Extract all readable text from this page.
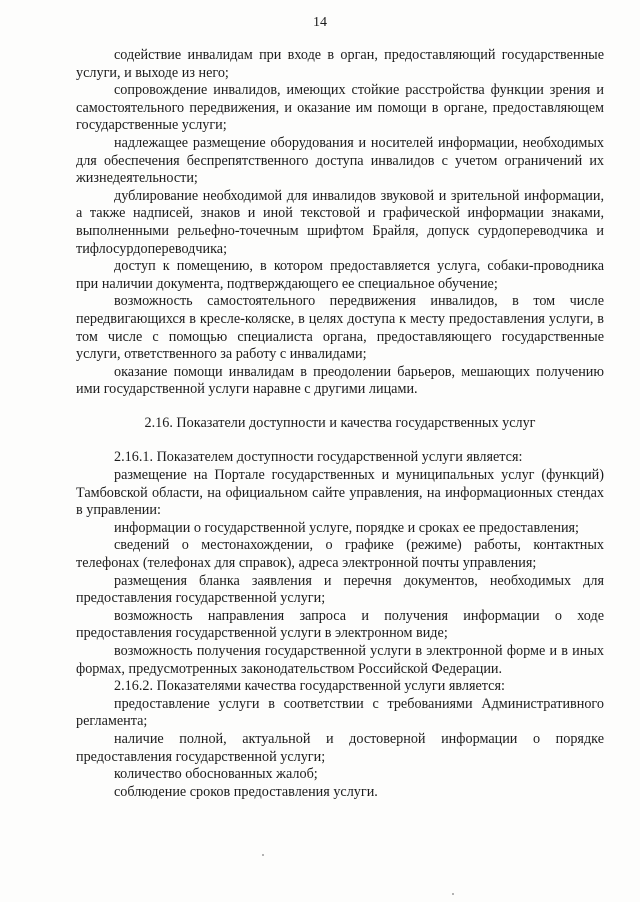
14

содействие инвалидам при входе в орган, предоставляющий государственные услуги, и выходе из него;

сопровождение инвалидов, имеющих стойкие расстройства функции зрения и самостоятельного передвижения, и оказание им помощи в органе, предоставляющем государственные услуги;

надлежащее размещение оборудования и носителей информации, необходимых для обеспечения беспрепятственного доступа инвалидов с учетом ограничений их жизнедеятельности;

дублирование необходимой для инвалидов звуковой и зрительной информации, а также надписей, знаков и иной текстовой и графической информации знаками, выполненными рельефно-точечным шрифтом Брайля, допуск сурдопереводчика и тифлосурдопереводчика;

доступ к помещению, в котором предоставляется услуга, собаки-проводника при наличии документа, подтверждающего ее специальное обучение;

возможность самостоятельного передвижения инвалидов, в том числе передвигающихся в кресле-коляске, в целях доступа к месту предоставления услуги, в том числе с помощью специалиста органа, предоставляющего государственные услуги, ответственного за работу с инвалидами;

оказание помощи инвалидам в преодолении барьеров, мешающих получению ими государственной услуги наравне с другими лицами.

2.16. Показатели доступности и качества государственных услуг

2.16.1. Показателем доступности государственной услуги является:

размещение на Портале государственных и муниципальных услуг (функций) Тамбовской области, на официальном сайте управления, на информационных стендах в управлении:

информации о государственной услуге, порядке и сроках ее предоставления;

сведений о местонахождении, о графике (режиме) работы, контактных телефонах (телефонах для справок), адреса электронной почты управления;

размещения бланка заявления и перечня документов, необходимых для предоставления государственной услуги;

возможность направления запроса и получения информации о ходе предоставления государственной услуги в электронном виде;

возможность получения государственной услуги в электронной форме и в иных формах, предусмотренных законодательством Российской Федерации.

2.16.2. Показателями качества государственной услуги является:

предоставление услуги в соответствии с требованиями Административного регламента;

наличие полной, актуальной и достоверной информации о порядке предоставления государственной услуги;

количество обоснованных жалоб;

соблюдение сроков предоставления услуги.
